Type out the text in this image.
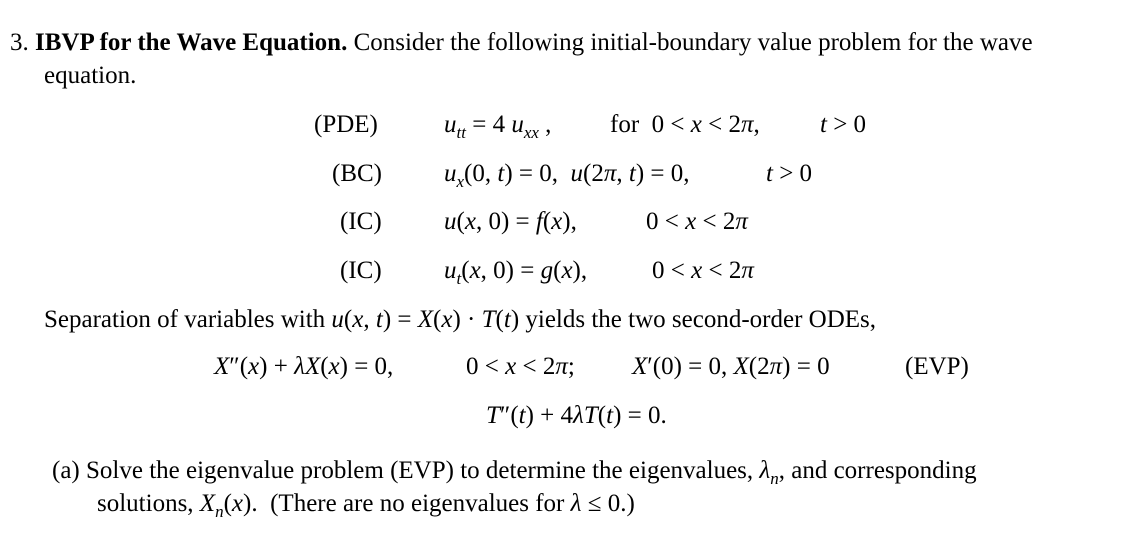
3. IBVP for the Wave Equation. Consider the following initial-boundary value problem for the wave
equation.
(PDE)	$u_{tt} = 4$ $u_{xx}$ , for  0 < x < 2π, t > 0
(BC) $u_x(0$, t) = 0,  u(2π, t) = 0,	t > 0
(IC) u(x, 0) = f(x),	0 < x < 2π
(IC) $u_t(x$, 0) = g(x),	0 < x < 2π
Separation of variables with u(x, t) = X(x) · T(t) yields the two second-order ODEs,
X″(x) + λX(x) = 0,	0 < x < 2π; X′(0) = 0, X(2π) = 0	(EVP)
T″(t) + 4λT(t) = 0.
(a) Solve the eigenvalue problem (EVP) to determine the eigenvalues, $\lambda_n$, and corresponding
solutions, $X_n(x)$. (There are no eigenvalues for λ ≤ 0.)
